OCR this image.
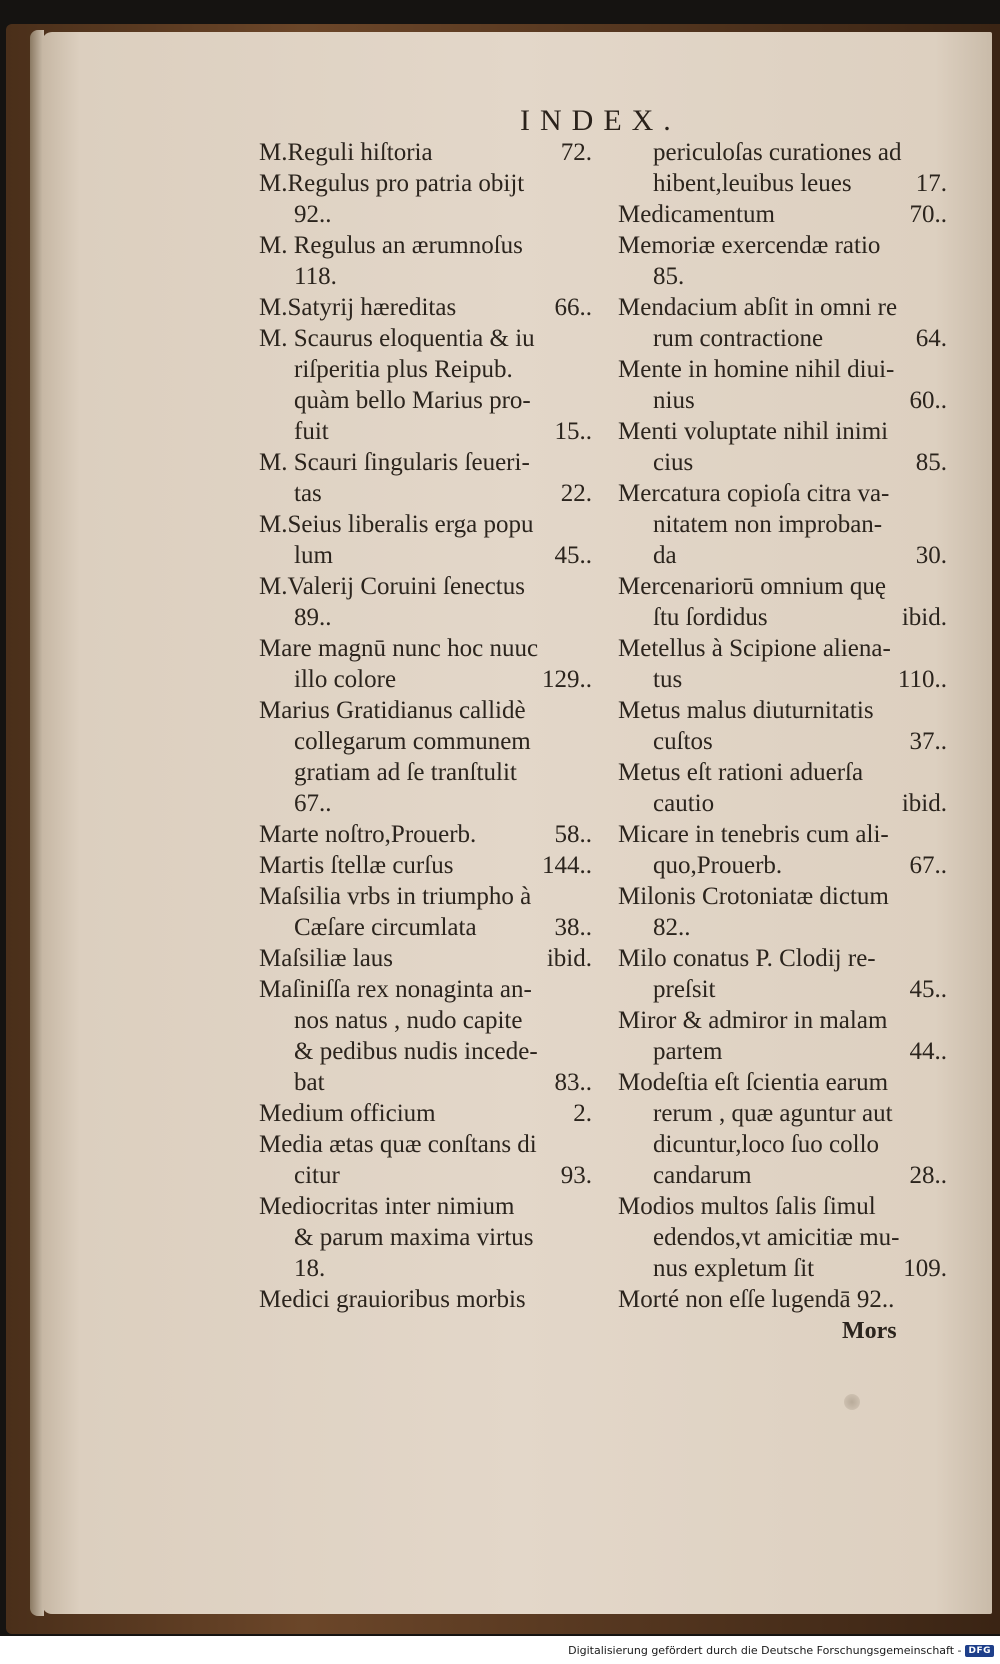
INDEX.
M.Reguli hiſtoria	72.
M.Regulus pro patria obijt
92..
M. Regulus an ærumnoſus
118.
M.Satyrij hæreditas	66..
M. Scaurus eloquentia & iu
riſperitia plus Reipub.
quàm bello Marius pro-
fuit	15..
M. Scauri ſingularis ſeueri-
tas	22.
M.Seius liberalis erga popu
lum	45..
M.Valerij Coruini ſenectus
89..
Mare magnū nunc hoc nuuc
illo colore	129..
Marius Gratidianus callidè
collegarum communem
gratiam ad ſe tranſtulit
67..
Marte noſtro,Prouerb.	58..
Martis ſtellæ curſus	144..
Maſsilia vrbs in triumpho à
Cæſare circumlata	38..
Maſsiliæ laus	ibid.
Maſiniſſa rex nonaginta an-
nos natus , nudo capite
& pedibus nudis incede-
bat	83..
Medium officium	2.
Media ætas quæ conſtans di
citur	93.
Mediocritas inter nimium
& parum maxima virtus
18.
Medici grauioribus morbis
periculoſas curationes ad
hibent,leuibus leues	17.
Medicamentum	70..
Memoriæ exercendæ ratio
85.
Mendacium abſit in omni re
rum contractione	64.
Mente in homine nihil diui-
nius	60..
Menti voluptate nihil inimi
cius	85.
Mercatura copioſa citra va-
nitatem non improban-
da	30.
Mercenariorū omnium quę
ſtu ſordidus	ibid.
Metellus à Scipione aliena-
tus	110..
Metus malus diuturnitatis
cuſtos	37..
Metus eſt rationi aduerſa
cautio	ibid.
Micare in tenebris cum ali-
quo,Prouerb.	67..
Milonis Crotoniatæ dictum
82..
Milo conatus P. Clodij re-
preſsit	45..
Miror & admiror in malam
partem	44..
Modeſtia eſt ſcientia earum
rerum , quæ aguntur aut
dicuntur,loco ſuo collo
candarum	28..
Modios multos ſalis ſimul
edendos,vt amicitiæ mu-
nus expletum ſit	109.
Morté non eſſe lugendā 92..
Mors
Digitalisierung gefördert durch die Deutsche Forschungsgemeinschaft - DFG
